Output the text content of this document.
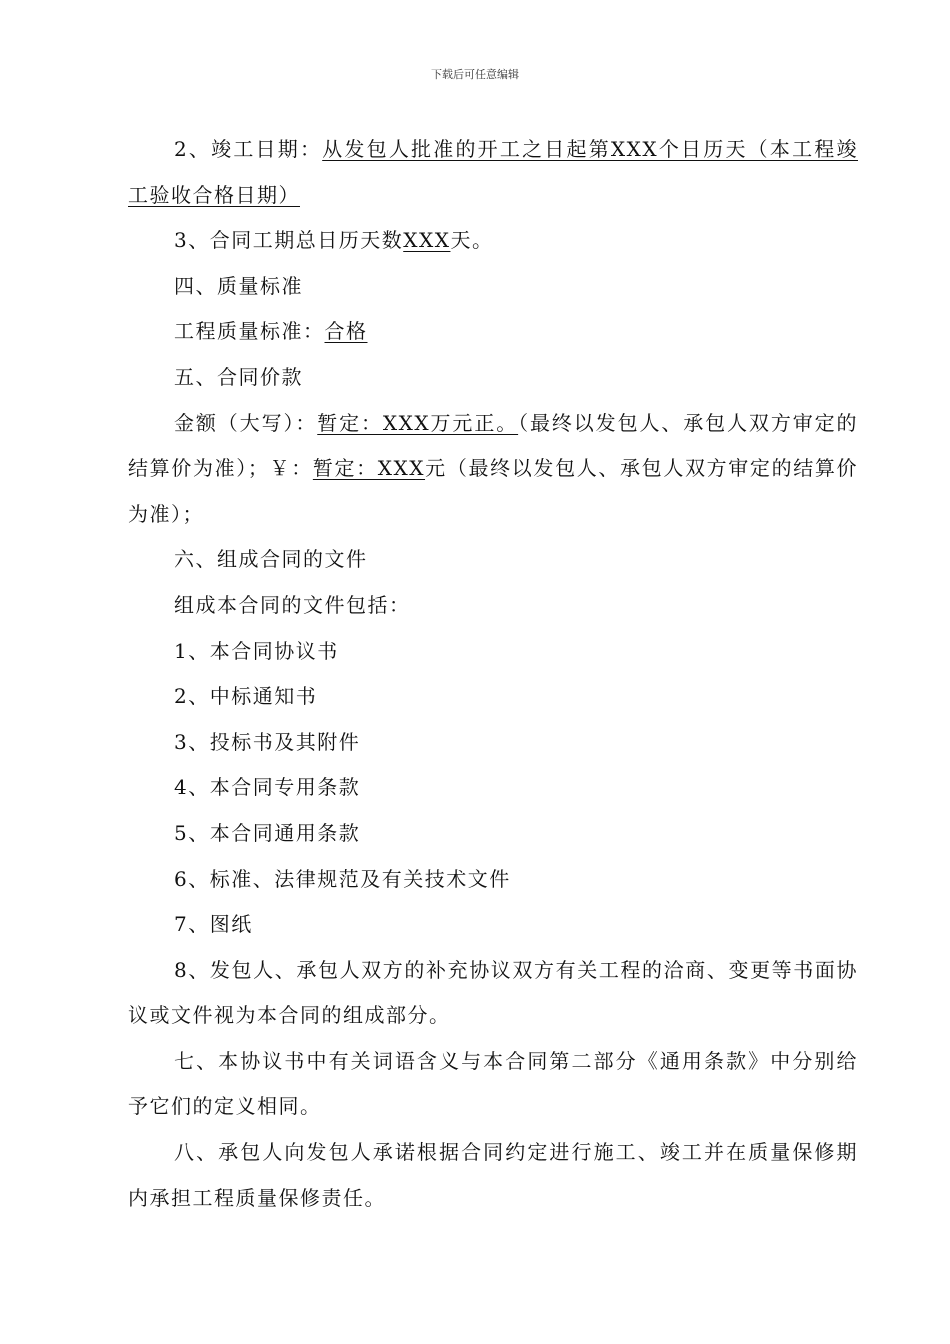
下载后可任意编辑

2、竣工日期：从发包人批准的开工之日起第XXX个日历天（本工程竣工验收合格日期）

3、合同工期总日历天数XXX天。

四、质量标准

工程质量标准：合格

五、合同价款

金额（大写）：暂定：XXX万元正。（最终以发包人、承包人双方审定的结算价为准）；￥：暂定：XXX元（最终以发包人、承包人双方审定的结算价为准）；

六、组成合同的文件

组成本合同的文件包括：

1、本合同协议书

2、中标通知书

3、投标书及其附件

4、本合同专用条款

5、本合同通用条款

6、标准、法律规范及有关技术文件

7、图纸

8、发包人、承包人双方的补充协议双方有关工程的洽商、变更等书面协议或文件视为本合同的组成部分。

七、本协议书中有关词语含义与本合同第二部分《通用条款》中分别给予它们的定义相同。

八、承包人向发包人承诺根据合同约定进行施工、竣工并在质量保修期内承担工程质量保修责任。
